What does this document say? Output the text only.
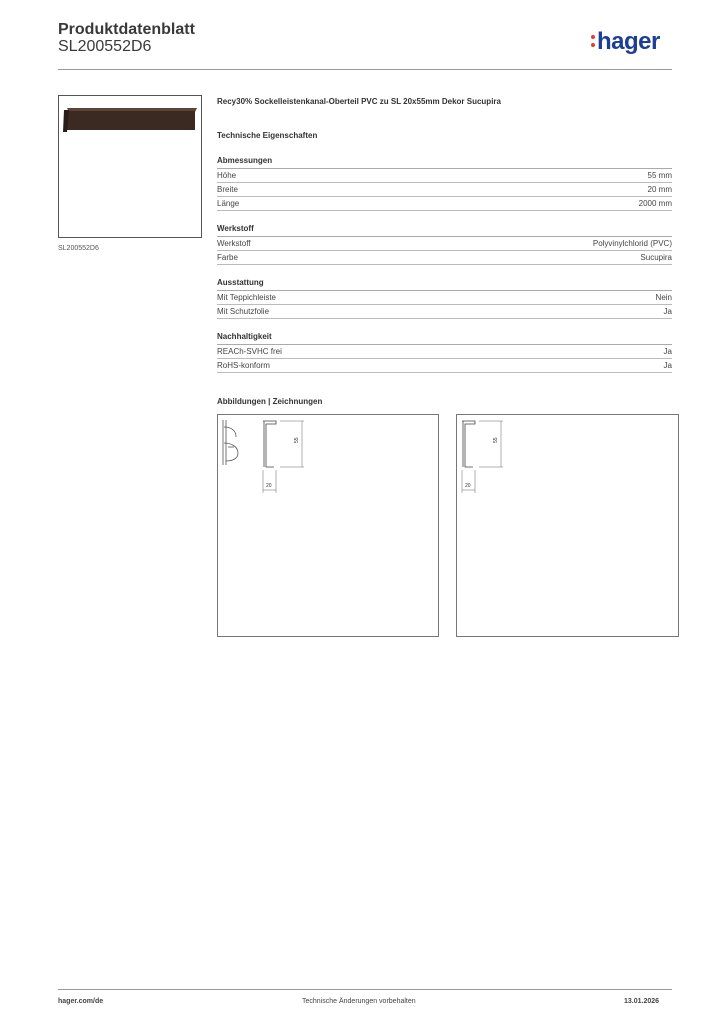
Produktdatenblatt
SL200552D6	hager
SL200552D6
Recy30% Sockelleistenkanal-Oberteil PVC zu SL 20x55mm Dekor Sucupira
Technische Eigenschaften
Abmessungen
Höhe	55 mm
Breite	20 mm
Länge	2000 mm
Werkstoff
Werkstoff	Polyvinylchlorid (PVC)
Farbe	Sucupira
Ausstattung
Mit Teppichleiste	Nein
Mit Schutzfolie	Ja
Nachhaltigkeit
REACh-SVHC frei	Ja
RoHS-konform	Ja
Abbildungen | Zeichnungen
55
20
55
20
hager.com/de	Technische Änderungen vorbehalten	13.01.2026
